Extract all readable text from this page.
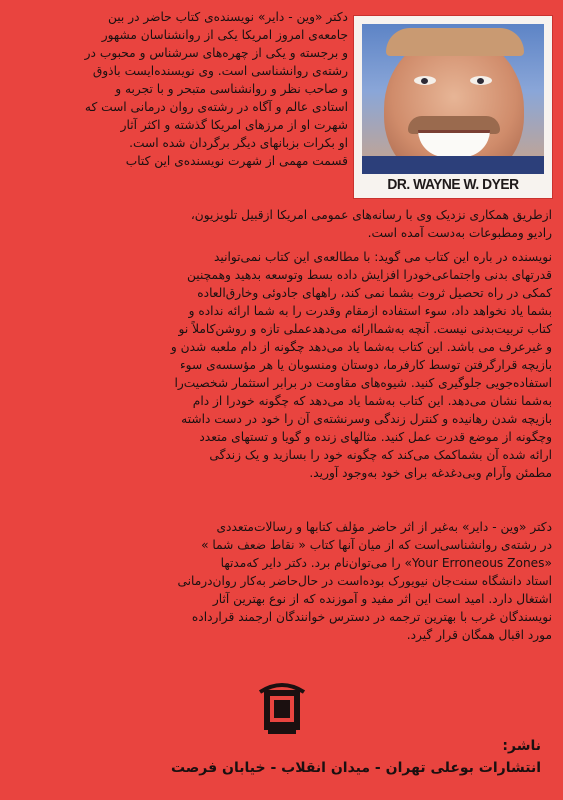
DR. WAYNE W. DYER
دکتر «وین - دایر» نویسنده‌ی کتاب حاضر در بین
جامعه‌ی امروز امریکا یکی از روانشناسان مشهور
و برجسته و یکی از چهره‌های سرشناس و محبوب در
رشته‌ی روانشناسی است. وی نویسنده‌ایست باذوق
و صاحب نظر و روانشناسی متبحر و با تجربه و
استادی عالم و آگاه در رشته‌ی روان درمانی است که
شهرت او از مرزهای امریکا گذشته و اکثر آثار
او بکرات بزبانهای دیگر برگردان شده است.
قسمت مهمی از شهرت نویسنده‌ی این کتاب
ازطریق همکاری نزدیک وی با رسانه‌های عمومی امریکا ازقبیل تلویزیون،
رادیو ومطبوعات به‌دست آمده است.
نویسنده در باره این کتاب می گوید: با مطالعه‌ی این کتاب نمی‌توانید
قدرتهای بدنی واجتماعی‌خودرا افزایش داده بسط وتوسعه بدهید وهمچنین
کمکی در راه تحصیل ثروت بشما نمی کند، راههای جادوئی وخارق‌العاده
بشما یاد نخواهد داد، سوء استفاده ازمقام وقدرت را به شما ارائه نداده و
کتاب تربیت‌بدنی نیست. آنچه به‌شماارائه می‌دهدعملی تازه و روشن‌کاملاً نو
و غیرعرف می باشد. این کتاب به‌شما یاد می‌دهد چگونه از دام ملعبه شدن و
بازیچه قرارگرفتن توسط کارفرما، دوستان ومنسوبان یا هر مؤسسه‌ی سوء
استفاده‌جویی جلوگیری کنید. شیوه‌های مقاومت در برابر استثمار شخصیت‌را
به‌شما نشان می‌دهد. این کتاب به‌شما یاد می‌دهد که چگونه خودرا از دام
بازیچه شدن رهانیده و کنترل زندگی وسرنشته‌ی آن را خود در دست داشته
وچگونه از موضع قدرت عمل کنید. مثالهای زنده و گویا و تستهای متعدد
ارائه شده آن بشماکمک می‌کند که چگونه خود را بسازید و یک زندگی
مطمئن وآرام وبی‌دغدغه برای خود به‌وجود آورید.
دکتر «وین - دایر» به‌غیر از اثر حاضر مؤلف کتابها و رسالات‌متعددی
در رشته‌ی روانشناسی‌است که از میان آنها کتاب « نقاط ضعف شما »
«Your Erroneous Zones» را می‌توان‌نام برد. دکتر دایر که‌مدتها
استاد دانشگاه سنت‌جان نیویورک بوده‌است در حال‌حاضر به‌کار روان‌درمانی
اشتغال دارد. امید است این اثر مفید و آموزنده که از نوع بهترین آثار
نویسندگان غرب با بهترین ترجمه در دسترس خوانندگان ارجمند قرارداده
مورد اقبال همگان قرار گیرد.
ناشر:
انتشارات بوعلی تهران - میدان انقلاب - خیابان فرصت
